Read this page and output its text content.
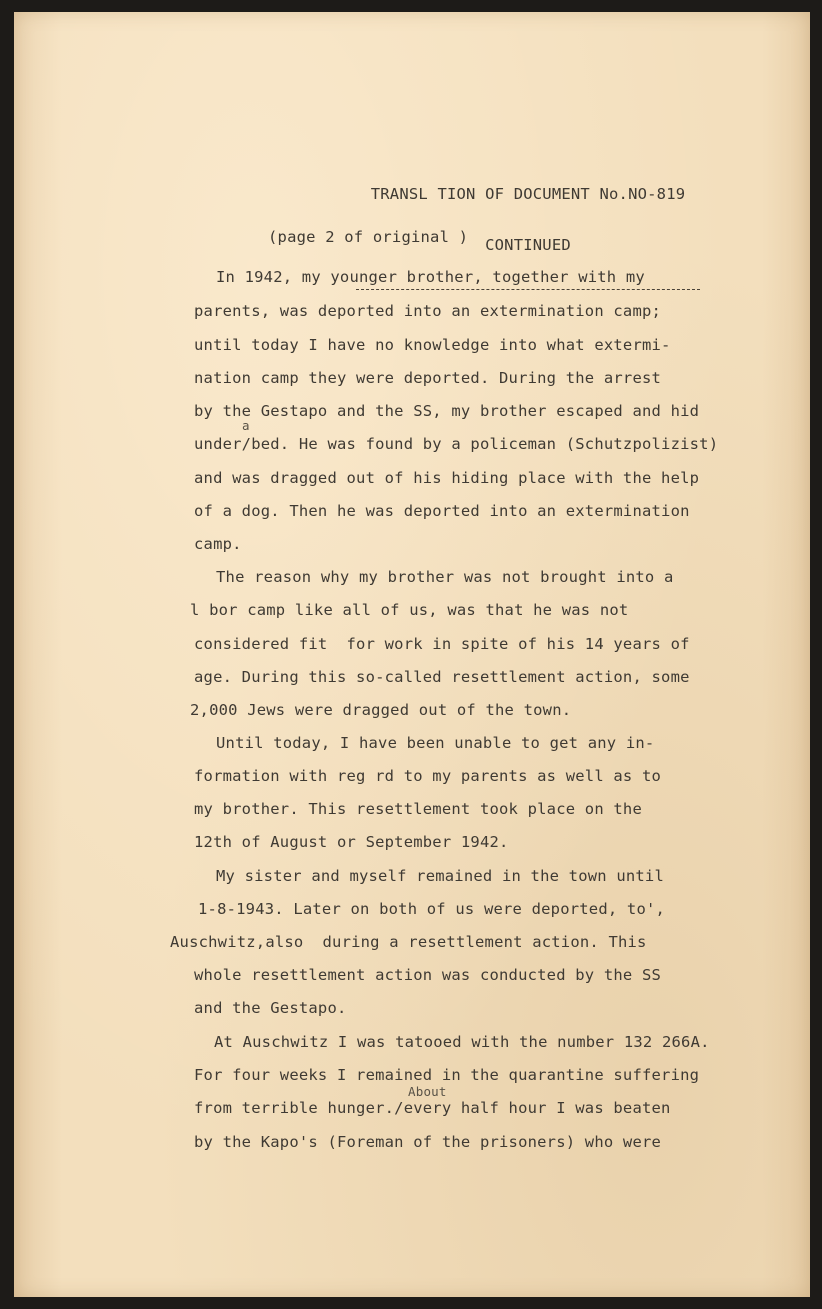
TRANSL TION OF DOCUMENT No.NO-819

CONTINUED

(page 2 of original )
In 1942, my younger brother, together with my
parents, was deported into an extermination camp;
until today I have no knowledge into what extermi-
nation camp they were deported. During the arrest
by the Gestapo and the SS, my brother escaped and hid
a
under/bed. He was found by a policeman (Schutzpolizist)
and was dragged out of his hiding place with the help
of a dog. Then he was deported into an extermination
camp.
The reason why my brother was not brought into a
l bor camp like all of us, was that he was not
considered fit  for work in spite of his 14 years of
age. During this so-called resettlement action, some
2,000 Jews were dragged out of the town.
Until today, I have been unable to get any in-
formation with reg rd to my parents as well as to
my brother. This resettlement took place on the
12th of August or September 1942.
My sister and myself remained in the town until
1-8-1943. Later on both of us were deported, to',
Auschwitz,also  during a resettlement action. This
whole resettlement action was conducted by the SS
and the Gestapo.
At Auschwitz I was tatooed with the number 132 266A.
For four weeks I remained in the quarantine suffering
About
from terrible hunger./every half hour I was beaten
by the Kapo's (Foreman of the prisoners) who were
